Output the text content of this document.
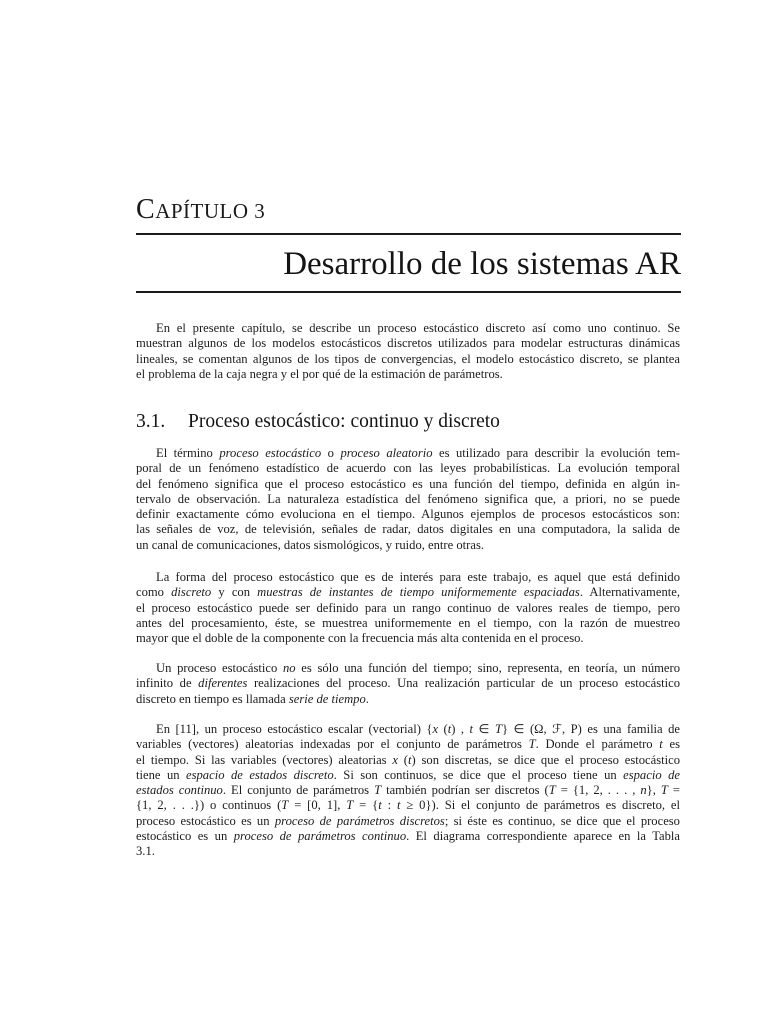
CAPÍTULO 3
Desarrollo de los sistemas AR

En el presente capítulo, se describe un proceso estocástico discreto así como uno continuo. Se
muestran algunos de los modelos estocásticos discretos utilizados para modelar estructuras dinámicas
lineales, se comentan algunos de los tipos de convergencias, el modelo estocástico discreto, se plantea
el problema de la caja negra y el por qué de la estimación de parámetros.

3.1. Proceso estocástico: continuo y discreto

El término proceso estocástico o proceso aleatorio es utilizado para describir la evolución tem-
poral de un fenómeno estadístico de acuerdo con las leyes probabilísticas. La evolución temporal
del fenómeno significa que el proceso estocástico es una función del tiempo, definida en algún in-
tervalo de observación. La naturaleza estadística del fenómeno significa que, a priori, no se puede
definir exactamente cómo evoluciona en el tiempo. Algunos ejemplos de procesos estocásticos son:
las señales de voz, de televisión, señales de radar, datos digitales en una computadora, la salida de
un canal de comunicaciones, datos sismológicos, y ruido, entre otras.

La forma del proceso estocástico que es de interés para este trabajo, es aquel que está definido
como discreto y con muestras de instantes de tiempo uniformemente espaciadas. Alternativamente,
el proceso estocástico puede ser definido para un rango continuo de valores reales de tiempo, pero
antes del procesamiento, éste, se muestrea uniformemente en el tiempo, con la razón de muestreo
mayor que el doble de la componente con la frecuencia más alta contenida en el proceso.

Un proceso estocástico no es sólo una función del tiempo; sino, representa, en teoría, un número
infinito de diferentes realizaciones del proceso. Una realización particular de un proceso estocástico
discreto en tiempo es llamada serie de tiempo.

En [11], un proceso estocástico escalar (vectorial) {x (t) , t ∈ T} ∈ (Ω, ℱ, P) es una familia de
variables (vectores) aleatorias indexadas por el conjunto de parámetros T. Donde el parámetro t es
el tiempo. Si las variables (vectores) aleatorias x (t) son discretas, se dice que el proceso estocástico
tiene un espacio de estados discreto. Si son continuos, se dice que el proceso tiene un espacio de
estados continuo. El conjunto de parámetros T también podrían ser discretos (T = {1, 2, . . . , n}, T =
{1, 2, . . .}) o continuos (T = [0, 1], T = {t : t ≥ 0}). Si el conjunto de parámetros es discreto, el
proceso estocástico es un proceso de parámetros discretos; si éste es continuo, se dice que el proceso
estocástico es un proceso de parámetros continuo. El diagrama correspondiente aparece en la Tabla
3.1.
